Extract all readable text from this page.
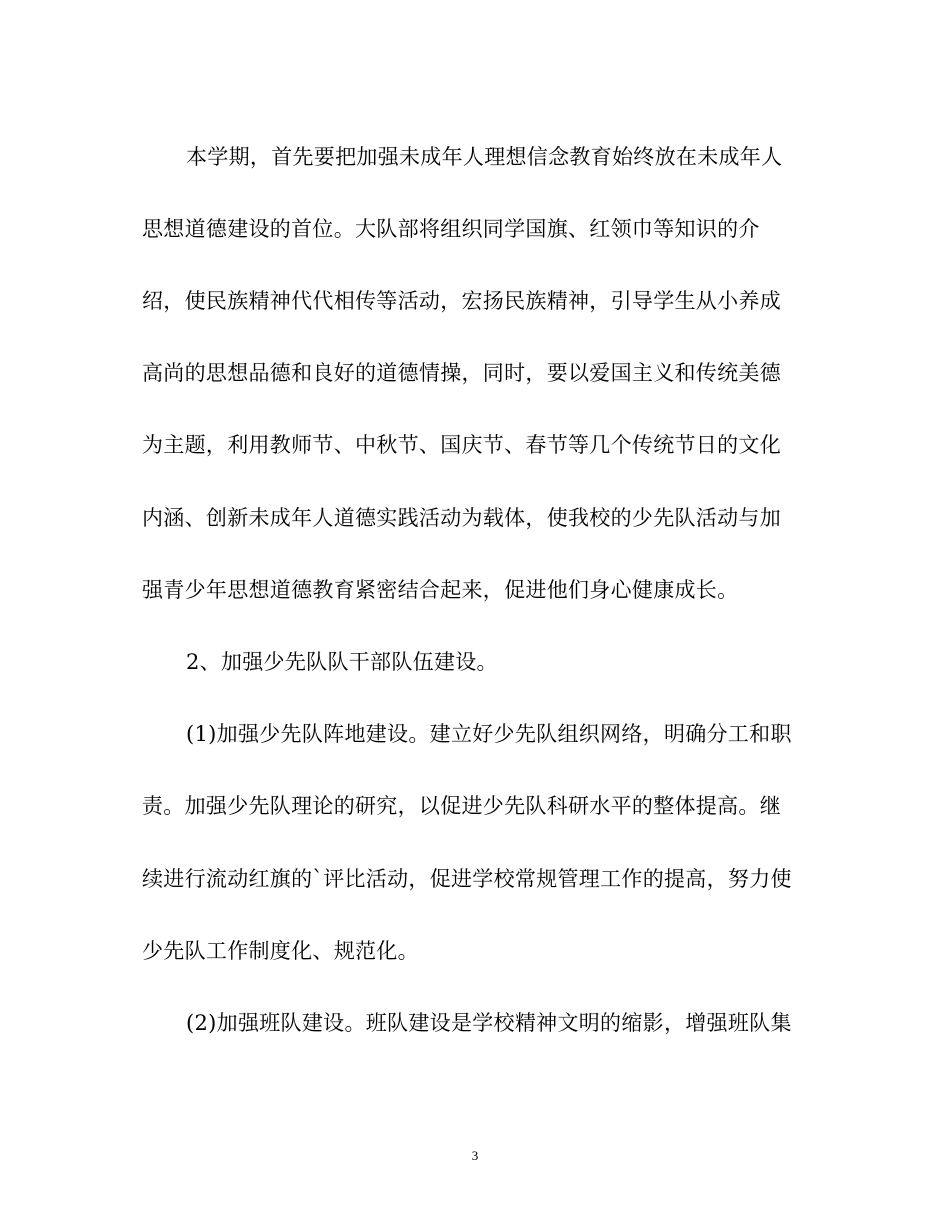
本学期，首先要把加强未成年人理想信念教育始终放在未成年人
思想道德建设的首位。大队部将组织同学国旗、红领巾等知识的介
绍，使民族精神代代相传等活动，宏扬民族精神，引导学生从小养成
高尚的思想品德和良好的道德情操，同时，要以爱国主义和传统美德
为主题，利用教师节、中秋节、国庆节、春节等几个传统节日的文化
内涵、创新未成年人道德实践活动为载体，使我校的少先队活动与加
强青少年思想道德教育紧密结合起来，促进他们身心健康成长。
2、加强少先队队干部队伍建设。
(1)加强少先队阵地建设。建立好少先队组织网络，明确分工和职
责。加强少先队理论的研究，以促进少先队科研水平的整体提高。继
续进行流动红旗的`评比活动，促进学校常规管理工作的提高，努力使
少先队工作制度化、规范化。
(2)加强班队建设。班队建设是学校精神文明的缩影，增强班队集
3
